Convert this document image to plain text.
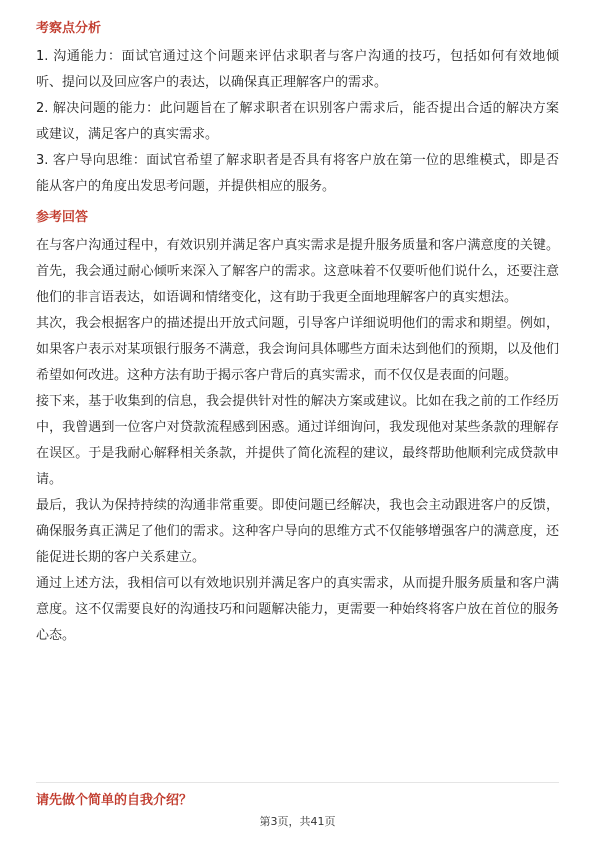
考察点分析

1. 沟通能力：面试官通过这个问题来评估求职者与客户沟通的技巧，包括如何有效地倾听、提问以及回应客户的表达，以确保真正理解客户的需求。

2. 解决问题的能力：此问题旨在了解求职者在识别客户需求后，能否提出合适的解决方案或建议，满足客户的真实需求。

3. 客户导向思维：面试官希望了解求职者是否具有将客户放在第一位的思维模式，即是否能从客户的角度出发思考问题，并提供相应的服务。

参考回答

在与客户沟通过程中，有效识别并满足客户真实需求是提升服务质量和客户满意度的关键。首先，我会通过耐心倾听来深入了解客户的需求。这意味着不仅要听他们说什么，还要注意他们的非言语表达，如语调和情绪变化，这有助于我更全面地理解客户的真实想法。

其次，我会根据客户的描述提出开放式问题，引导客户详细说明他们的需求和期望。例如，如果客户表示对某项银行服务不满意，我会询问具体哪些方面未达到他们的预期，以及他们希望如何改进。这种方法有助于揭示客户背后的真实需求，而不仅仅是表面的问题。

接下来，基于收集到的信息，我会提供针对性的解决方案或建议。比如在我之前的工作经历中，我曾遇到一位客户对贷款流程感到困惑。通过详细询问，我发现他对某些条款的理解存在误区。于是我耐心解释相关条款，并提供了简化流程的建议，最终帮助他顺利完成贷款申请。

最后，我认为保持持续的沟通非常重要。即使问题已经解决，我也会主动跟进客户的反馈，确保服务真正满足了他们的需求。这种客户导向的思维方式不仅能够增强客户的满意度，还能促进长期的客户关系建立。

通过上述方法，我相信可以有效地识别并满足客户的真实需求，从而提升服务质量和客户满意度。这不仅需要良好的沟通技巧和问题解决能力，更需要一种始终将客户放在首位的服务心态。

请先做个简单的自我介绍？
第3页，共41页
